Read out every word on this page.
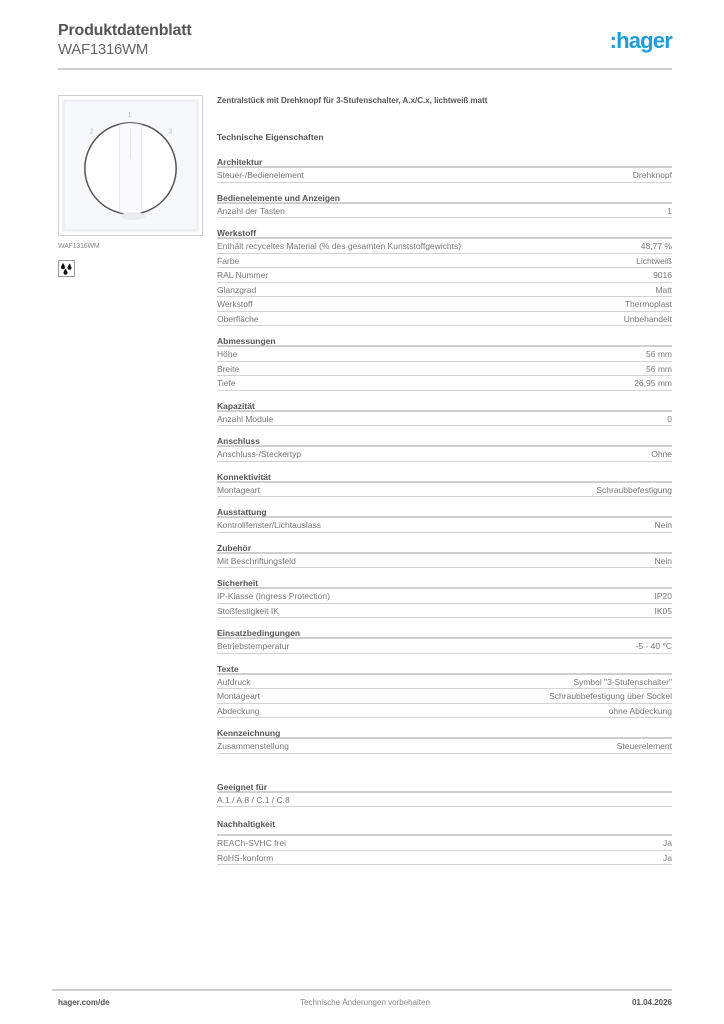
Produktdatenblatt
WAF1316WM	:hager
1
2	3
WAF1316WM
Zentralstück mit Drehknopf für 3-Stufenschalter, A.x/C.x, lichtweiß matt
Technische Eigenschaften
Architektur
Steuer-/Bedienelement	Drehknopf
Bedienelemente und Anzeigen
Anzahl der Tasten	1
Werkstoff
Enthält recyceltes Material (% des gesamten Kunststoffgewichts)	48,77 %
Farbe	Lichtweiß
RAL Nummer	9016
Glanzgrad	Matt
Werkstoff	Thermoplast
Oberfläche	Unbehandelt
Abmessungen
Höhe	56 mm
Breite	56 mm
Tiefe	26,95 mm
Kapazität
Anzahl Module	0
Anschluss
Anschluss-/Steckertyp	Ohne
Konnektivität
Montageart	Schraubbefestigung
Ausstattung
Kontrollfenster/Lichtauslass	Nein
Zubehör
Mit Beschriftungsfeld	Nein
Sicherheit
IP-Klasse (Ingress Protection)	IP20
Stoßfestigkeit IK	IK05
Einsatzbedingungen
Betriebstemperatur	-5 - 40 °C
Texte
Aufdruck	Symbol "3-Stufenschalter"
Montageart	Schraubbefestigung über Sockel
Abdeckung	ohne Abdeckung
Kennzeichnung
Zusammenstellung	Steuerelement
Geeignet für
A.1 / A.8 / C.1 / C.8
Nachhaltigkeit
REACh-SVHC frei	Ja
RoHS-konform	Ja
hager.com/de	Technische Änderungen vorbehalten	01.04.2026
